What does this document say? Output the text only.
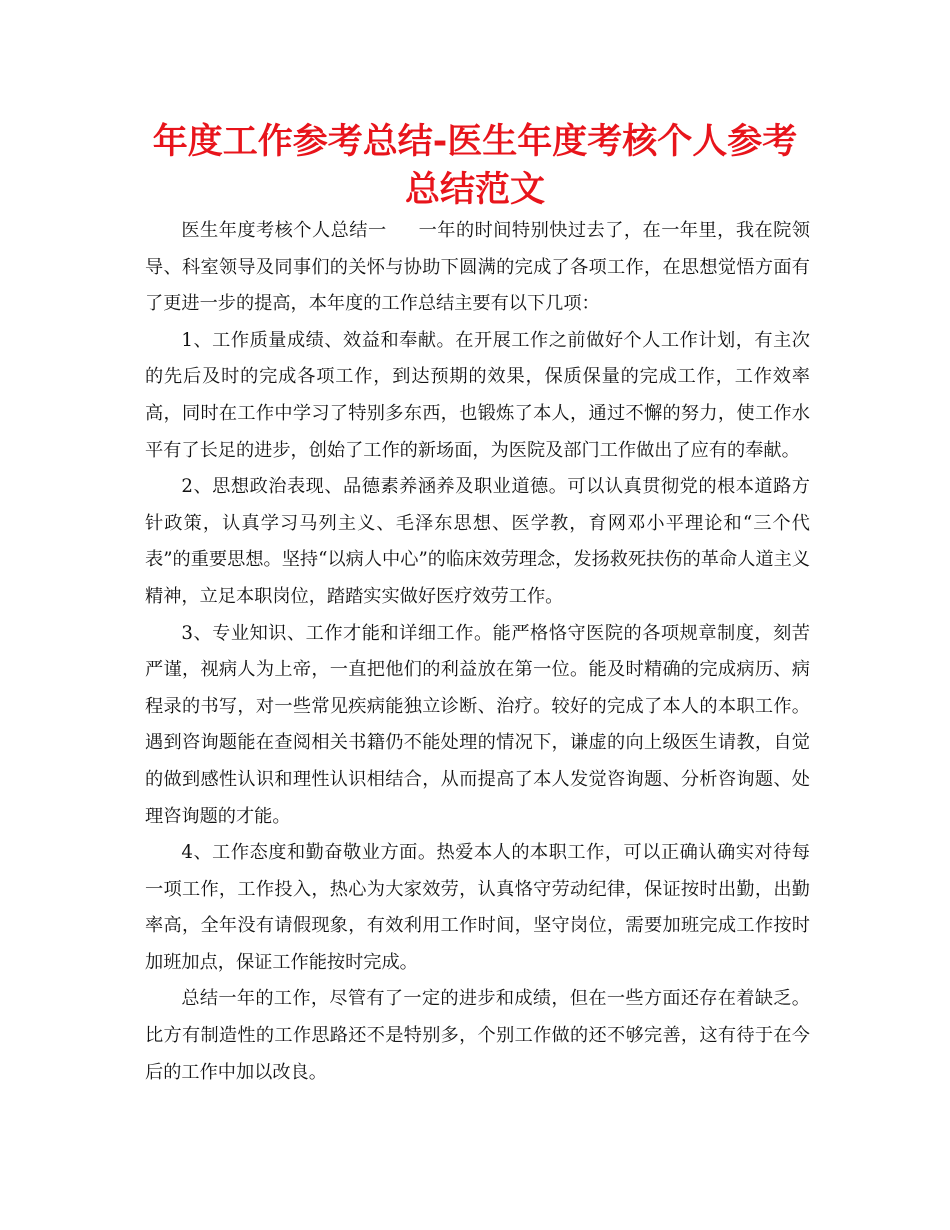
年度工作参考总结-医生年度考核个人参考总结范文

医生年度考核个人总结一 一年的时间特别快过去了，在一年里，我在院领导、科室领导及同事们的关怀与协助下圆满的完成了各项工作，在思想觉悟方面有了更进一步的提高，本年度的工作总结主要有以下几项：

1、工作质量成绩、效益和奉献。在开展工作之前做好个人工作计划，有主次的先后及时的完成各项工作，到达预期的效果，保质保量的完成工作，工作效率高，同时在工作中学习了特别多东西，也锻炼了本人，通过不懈的努力，使工作水平有了长足的进步，创始了工作的新场面，为医院及部门工作做出了应有的奉献。

2、思想政治表现、品德素养涵养及职业道德。可以认真贯彻党的根本道路方针政策，认真学习马列主义、毛泽东思想、医学教，育网邓小平理论和“三个代表”的重要思想。坚持“以病人中心”的临床效劳理念，发扬救死扶伤的革命人道主义精神，立足本职岗位，踏踏实实做好医疗效劳工作。

3、专业知识、工作才能和详细工作。能严格恪守医院的各项规章制度，刻苦严谨，视病人为上帝，一直把他们的利益放在第一位。能及时精确的完成病历、病程录的书写，对一些常见疾病能独立诊断、治疗。较好的完成了本人的本职工作。遇到咨询题能在查阅相关书籍仍不能处理的情况下，谦虚的向上级医生请教，自觉的做到感性认识和理性认识相结合，从而提高了本人发觉咨询题、分析咨询题、处理咨询题的才能。

4、工作态度和勤奋敬业方面。热爱本人的本职工作，可以正确认确实对待每一项工作，工作投入，热心为大家效劳，认真恪守劳动纪律，保证按时出勤，出勤率高，全年没有请假现象，有效利用工作时间，坚守岗位，需要加班完成工作按时加班加点，保证工作能按时完成。

总结一年的工作，尽管有了一定的进步和成绩，但在一些方面还存在着缺乏。比方有制造性的工作思路还不是特别多，个别工作做的还不够完善，这有待于在今后的工作中加以改良。
